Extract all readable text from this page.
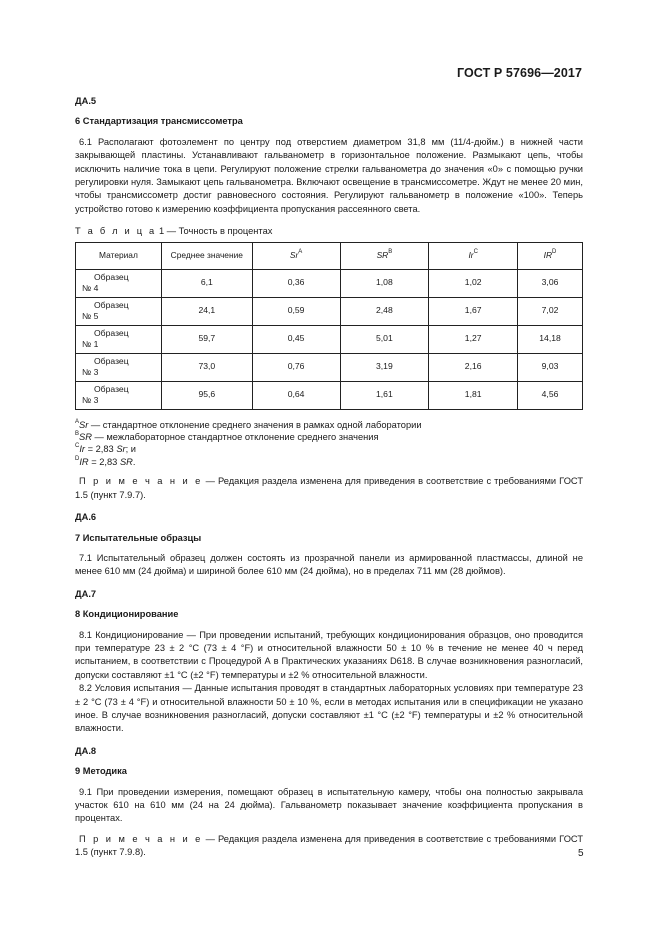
ГОСТ Р 57696—2017

ДА.5

6 Стандартизация трансмиссометра

6.1 Располагают фотоэлемент по центру под отверстием диаметром 31,8 мм (11/4-дюйм.) в нижней части закрывающей пластины. Устанавливают гальванометр в горизонтальное положение. Размыкают цепь, чтобы исключить наличие тока в цепи. Регулируют положение стрелки гальванометра до значения «0» с помощью ручки регулировки нуля. Замыкают цепь гальванометра. Включают освещение в трансмиссометре. Ждут не менее 20 мин, чтобы трансмиссометр достиг равновесного состояния. Регулируют гальванометр в положение «100». Теперь устройство готово к измерению коэффициента пропускания рассеянного света.

Т а б л и ц а 1 — Точность в процентах

Материал	Среднее значение	$Sr^A$	$SR^B$	$Ir^C$	$IR^D$

Образец
№ 4	6,1	0,36	1,08	1,02	3,06

Образец
№ 5	24,1	0,59	2,48	1,67	7,02

Образец
№ 1	59,7	0,45	5,01	1,27	14,18

Образец
№ 3	73,0	0,76	3,19	2,16	9,03

Образец
№ 3	95,6	0,64	1,61	1,81	4,56

$^A$Sr — стандартное отклонение среднего значения в рамках одной лаборатории

$^B$SR — межлабораторное стандартное отклонение среднего значения

$^C$Ir = 2,83 Sr; и

$^D$IR = 2,83 SR.

П р и м е ч а н и е — Редакция раздела изменена для приведения в соответствие с требованиями ГОСТ 1.5 (пункт 7.9.7).

ДА.6

7 Испытательные образцы

7.1 Испытательный образец должен состоять из прозрачной панели из армированной пластмассы, длиной не менее 610 мм (24 дюйма) и шириной более 610 мм (24 дюйма), но в пределах 711 мм (28 дюймов).

ДА.7

8 Кондиционирование

8.1 Кондиционирование — При проведении испытаний, требующих кондиционирования образцов, оно проводится при температуре 23 ± 2 °C (73 ± 4 °F) и относительной влажности 50 ± 10 % в течение не менее 40 ч перед испытанием, в соответствии с Процедурой А в Практических указаниях D618. В случае возникновения разногласий, допуски составляют ±1 °C (±2 °F) температуры и ±2 % относительной влажности.

8.2 Условия испытания — Данные испытания проводят в стандартных лабораторных условиях при температуре 23 ± 2 °C (73 ± 4 °F) и относительной влажности 50 ± 10 %, если в методах испытания или в спецификации не указано иное. В случае возникновения разногласий, допуски составляют ±1 °C (±2 °F) температуры и ±2 % относительной влажности.

ДА.8

9 Методика

9.1 При проведении измерения, помещают образец в испытательную камеру, чтобы она полностью закрывала участок 610 на 610 мм (24 на 24 дюйма). Гальванометр показывает значение коэффициента пропускания в процентах.

П р и м е ч а н и е — Редакция раздела изменена для приведения в соответствие с требованиями ГОСТ 1.5 (пункт 7.9.8).	5
